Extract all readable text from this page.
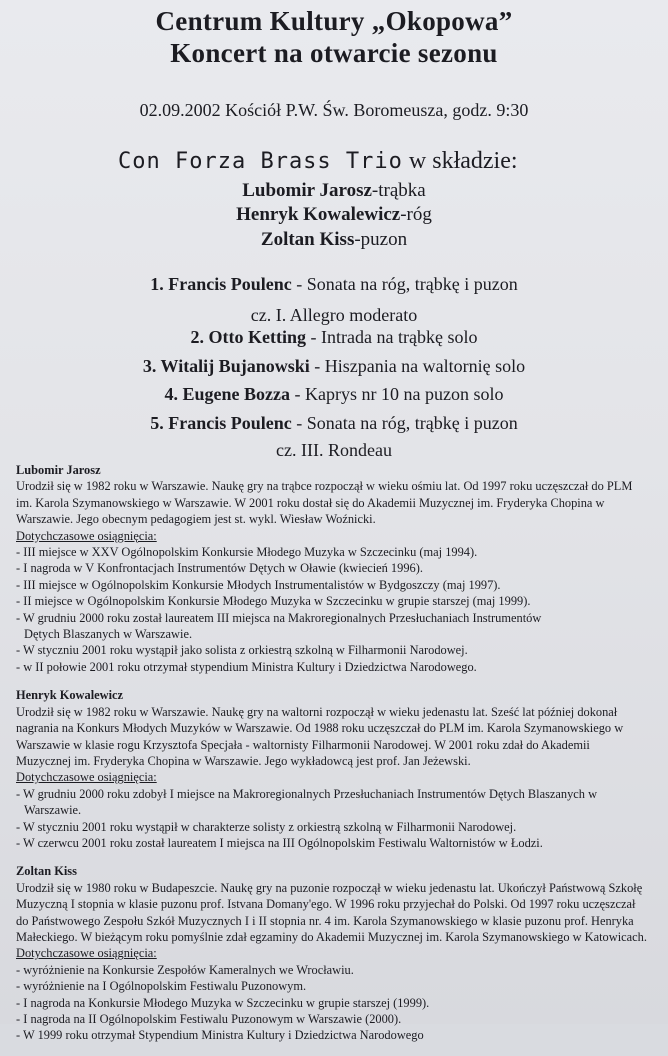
Centrum Kultury „Okopowa”
Koncert na otwarcie sezonu
02.09.2002 Kościół P.W. Św. Boromeusza, godz. 9:30
Con Forza Brass Trio w składzie:
Lubomir Jarosz-trąbka
Henryk Kowalewicz-róg
Zoltan Kiss-puzon
1. Francis Poulenc - Sonata na róg, trąbkę i puzon
cz. I. Allegro moderato
2. Otto Ketting - Intrada na trąbkę solo
3. Witalij Bujanowski - Hiszpania na waltornię solo
4. Eugene Bozza - Kaprys nr 10 na puzon solo
5. Francis Poulenc - Sonata na róg, trąbkę i puzon
cz. III. Rondeau
Lubomir Jarosz
Urodził się w 1982 roku w Warszawie. Naukę gry na trąbce rozpoczął w wieku ośmiu lat. Od 1997 roku uczęszczał do PLM
im. Karola Szymanowskiego w Warszawie. W 2001 roku dostał się do Akademii Muzycznej im. Fryderyka Chopina w
Warszawie. Jego obecnym pedagogiem jest st. wykl. Wiesław Woźnicki.
Dotychczasowe osiągnięcia:
- III miejsce w XXV Ogólnopolskim Konkursie Młodego Muzyka w Szczecinku (maj 1994).
- I nagroda w V Konfrontacjach Instrumentów Dętych w Oławie (kwiecień 1996).
- III miejsce w Ogólnopolskim Konkursie Młodych Instrumentalistów w Bydgoszczy (maj 1997).
- II miejsce w Ogólnopolskim Konkursie Młodego Muzyka w Szczecinku w grupie starszej (maj 1999).
- W grudniu 2000 roku został laureatem III miejsca na Makroregionalnych Przesłuchaniach Instrumentów
Dętych Blaszanych w Warszawie.
- W styczniu 2001 roku wystąpił jako solista z orkiestrą szkolną w Filharmonii Narodowej.
- w II połowie 2001 roku otrzymał stypendium Ministra Kultury i Dziedzictwa Narodowego.
Henryk Kowalewicz
Urodził się w 1982 roku w Warszawie. Naukę gry na waltorni rozpoczął w wieku jedenastu lat. Sześć lat później dokonał
nagrania na Konkurs Młodych Muzyków w Warszawie. Od 1988 roku uczęszczał do PLM im. Karola Szymanowskiego w
Warszawie w klasie rogu Krzysztofa Specjała - waltornisty Filharmonii Narodowej. W 2001 roku zdał do Akademii
Muzycznej im. Fryderyka Chopina w Warszawie. Jego wykładowcą jest prof. Jan Jeżewski.
Dotychczasowe osiągnięcia:
- W grudniu 2000 roku zdobył I miejsce na Makroregionalnych Przesłuchaniach Instrumentów Dętych Blaszanych w
Warszawie.
- W styczniu 2001 roku wystąpił w charakterze solisty z orkiestrą szkolną w Filharmonii Narodowej.
- W czerwcu 2001 roku został laureatem I miejsca na III Ogólnopolskim Festiwalu Waltornistów w Łodzi.
Zoltan Kiss
Urodził się w 1980 roku w Budapeszcie. Naukę gry na puzonie rozpoczął w wieku jedenastu lat. Ukończył Państwową Szkołę
Muzyczną I stopnia w klasie puzonu prof. Istvana Domany'ego. W 1996 roku przyjechał do Polski. Od 1997 roku uczęszczał
do Państwowego Zespołu Szkół Muzycznych I i II stopnia nr. 4 im. Karola Szymanowskiego w klasie puzonu prof. Henryka
Małeckiego. W bieżącym roku pomyślnie zdał egzaminy do Akademii Muzycznej im. Karola Szymanowskiego w Katowicach.
Dotychczasowe osiągnięcia:
- wyróżnienie na Konkursie Zespołów Kameralnych we Wrocławiu.
- wyróżnienie na I Ogólnopolskim Festiwalu Puzonowym.
- I nagroda na Konkursie Młodego Muzyka w Szczecinku w grupie starszej (1999).
- I nagroda na II Ogólnopolskim Festiwalu Puzonowym w Warszawie (2000).
- W 1999 roku otrzymał Stypendium Ministra Kultury i Dziedzictwa Narodowego
